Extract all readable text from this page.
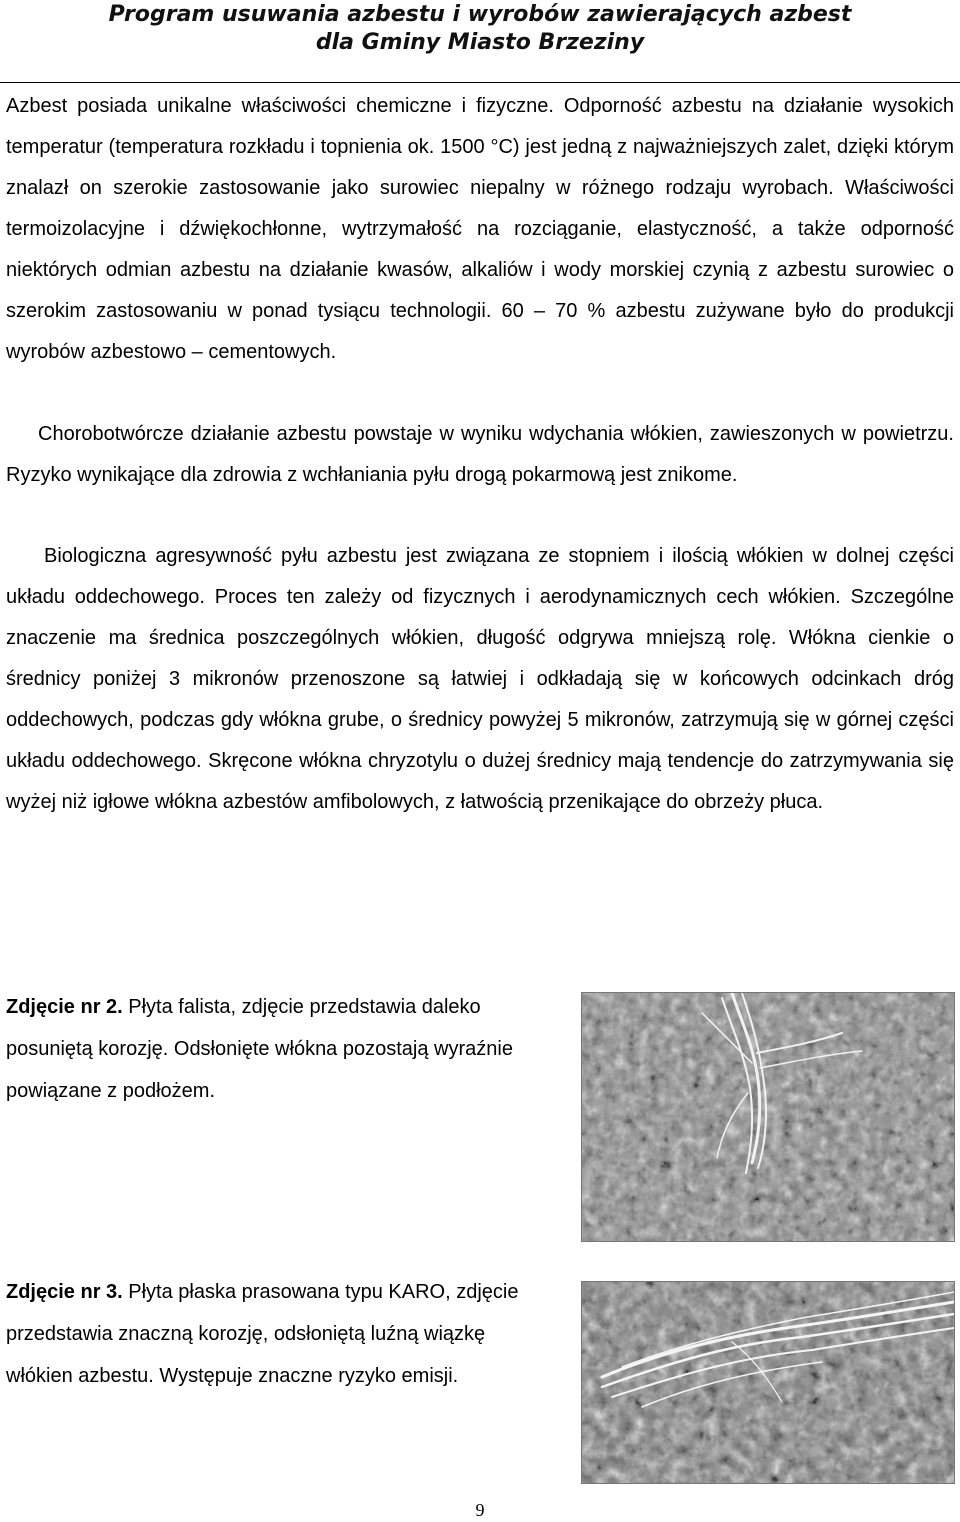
Program usuwania azbestu i wyrobów zawierających azbest
dla Gminy Miasto Brzeziny
Azbest posiada unikalne właściwości chemiczne i fizyczne. Odporność azbestu na działanie wysokich temperatur (temperatura rozkładu i topnienia ok. 1500 °C) jest jedną z najważniejszych zalet, dzięki którym znalazł on szerokie zastosowanie jako surowiec niepalny w różnego rodzaju wyrobach. Właściwości termoizolacyjne i dźwiękochłonne, wytrzymałość na rozciąganie, elastyczność, a także odporność niektórych odmian azbestu na działanie kwasów, alkaliów i wody morskiej czynią z azbestu surowiec o szerokim zastosowaniu w ponad tysiącu technologii. 60 – 70 % azbestu zużywane było do produkcji wyrobów azbestowo – cementowych.
Chorobotwórcze działanie azbestu powstaje w wyniku wdychania włókien, zawieszonych w powietrzu. Ryzyko wynikające dla zdrowia z wchłaniania pyłu drogą pokarmową jest znikome.
Biologiczna agresywność pyłu azbestu jest związana ze stopniem i ilością włókien w dolnej części układu oddechowego. Proces ten zależy od fizycznych i aerodynamicznych cech włókien. Szczególne znaczenie ma średnica poszczególnych włókien, długość odgrywa mniejszą rolę. Włókna cienkie o średnicy poniżej 3 mikronów przenoszone są łatwiej i odkładają się w końcowych odcinkach dróg oddechowych, podczas gdy włókna grube, o średnicy powyżej 5 mikronów, zatrzymują się w górnej części układu oddechowego. Skręcone włókna chryzotylu o dużej średnicy mają tendencje do zatrzymywania się wyżej niż igłowe włókna azbestów amfibolowych, z łatwością przenikające do obrzeży płuca.
Zdjęcie nr 2. Płyta falista, zdjęcie przedstawia daleko posuniętą korozję. Odsłonięte włókna pozostają wyraźnie powiązane z podłożem.
Zdjęcie nr 3. Płyta płaska prasowana typu KARO, zdjęcie przedstawia znaczną korozję, odsłoniętą luźną wiązkę włókien azbestu. Występuje znaczne ryzyko emisji.
9
